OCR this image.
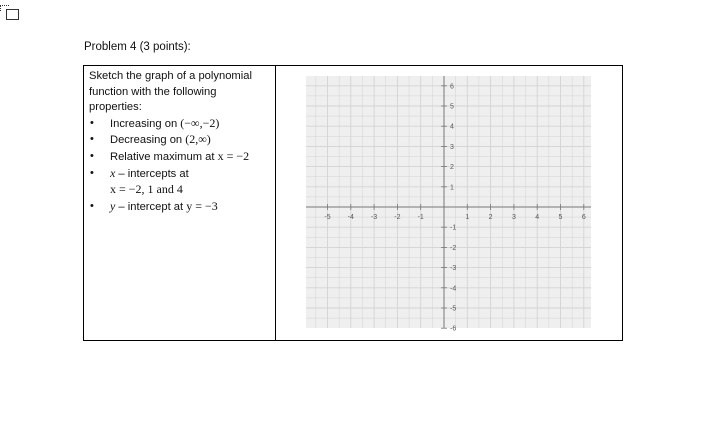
Problem 4 (3 points):
Sketch the graph of a polynomial function with the following properties:
• Increasing on (−∞,−2)
• Decreasing on (2,∞)
• Relative maximum at x = −2
• x – intercepts at
x = −2, 1 and 4
• y – intercept at y = −3

-5 -4 -3 -2 -1	1	2	3	4	5	6
6
5
4
3
2
1
-1
-2
-3
-4
-5
-6
